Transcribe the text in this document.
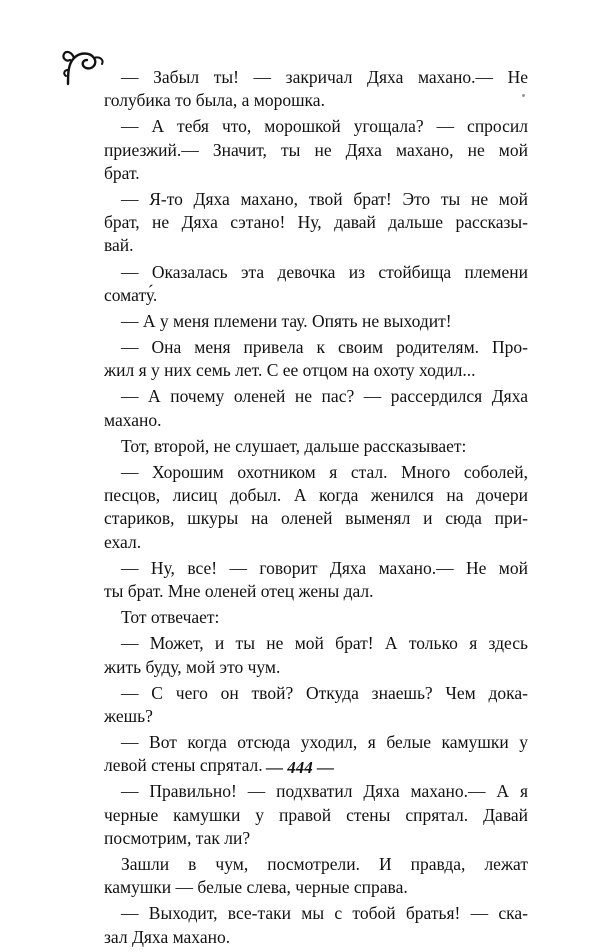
— Забыл ты! — закричал Дяха махано.— Не
голубика то была, а морошка.
— А тебя что, морошкой угощала? — спросил
приезжий.— Значит, ты не Дяха махано, не мой
брат.
— Я-то Дяха махано, твой брат! Это ты не мой
брат, не Дяха сэтано! Ну, давай дальше рассказы-
вай.
— Оказалась эта девочка из стойбища племени
сомату́.
— А у меня племени тау. Опять не выходит!
— Она меня привела к своим родителям. Про-
жил я у них семь лет. С ее отцом на охоту ходил...
— А почему оленей не пас? — рассердился Дяха
махано.
Тот, второй, не слушает, дальше рассказывает:
— Хорошим охотником я стал. Много соболей,
песцов, лисиц добыл. А когда женился на дочери
стариков, шкуры на оленей выменял и сюда при-
ехал.
— Ну, все! — говорит Дяха махано.— Не мой
ты брат. Мне оленей отец жены дал.
Тот отвечает:
— Может, и ты не мой брат! А только я здесь
жить буду, мой это чум.
— С чего он твой? Откуда знаешь? Чем дока-
жешь?
— Вот когда отсюда уходил, я белые камушки у
левой стены спрятал.
— Правильно! — подхватил Дяха махано.— А я
черные камушки у правой стены спрятал. Давай
посмотрим, так ли?
Зашли в чум, посмотрели. И правда, лежат
камушки — белые слева, черные справа.
— Выходит, все-таки мы с тобой братья! — ска-
зал Дяха махано.
— 444 —
